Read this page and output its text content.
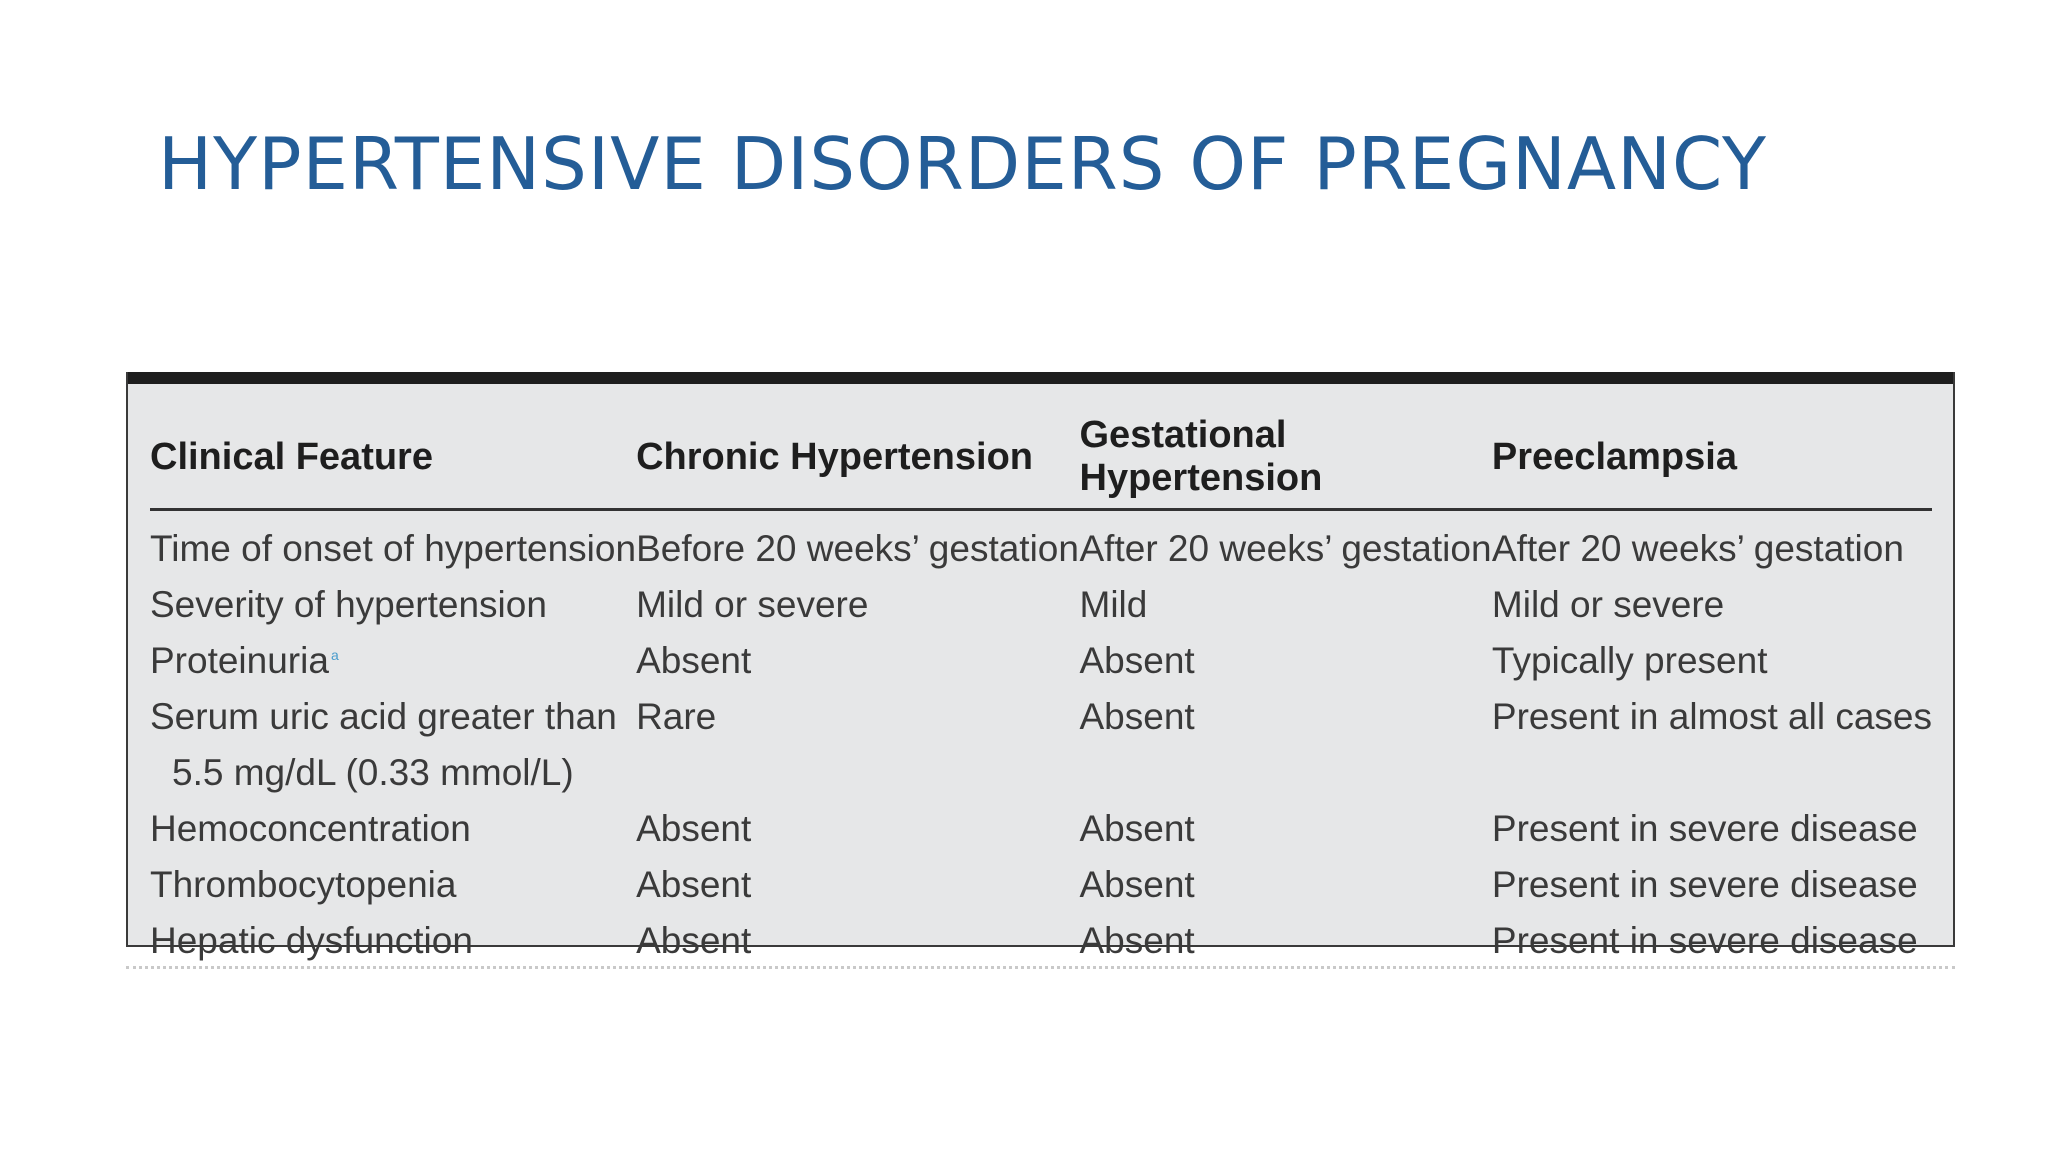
HYPERTENSIVE DISORDERS OF PREGNANCY
Clinical Feature	Chronic Hypertension	Gestational Hypertension	Preeclampsia
Time of onset of hypertension	Before 20 weeks’ gestation	After 20 weeks’ gestation	After 20 weeks’ gestation
Severity of hypertension	Mild or severe	Mild	Mild or severe
Proteinuria $^a$	Absent	Absent	Typically present
Serum uric acid greater than	Rare	Absent	Present in almost all cases
5.5 mg/dL (0.33 mmol/L)			
Hemoconcentration	Absent	Absent	Present in severe disease
Thrombocytopenia	Absent	Absent	Present in severe disease
Hepatic dysfunction	Absent	Absent	Present in severe disease
